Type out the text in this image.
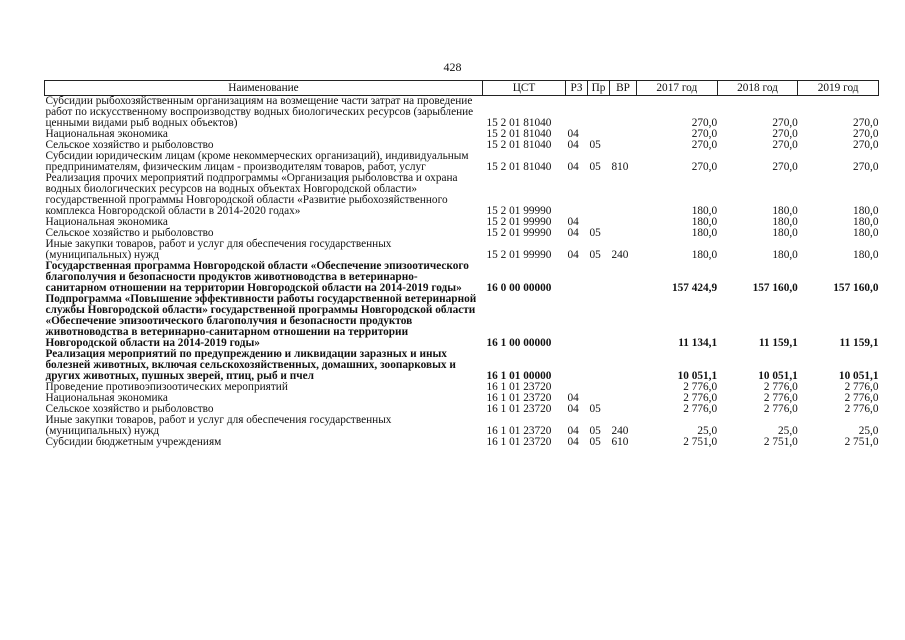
428
Наименование	ЦСТ	РЗ	Пр	ВР	2017 год	2018 год	2019 год
Субсидии рыбохозяйственным организациям на возмещение части затрат на проведение работ по искусственному воспроизводству водных биологических ресурсов (зарыбление ценными видами рыб водных объектов)	15 2 01 81040				270,0	270,0	270,0
Национальная экономика	15 2 01 81040	04			270,0	270,0	270,0
Сельское хозяйство и рыболовство	15 2 01 81040	04	05		270,0	270,0	270,0
Субсидии юридическим лицам (кроме некоммерческих организаций), индивидуальным предпринимателям, физическим лицам - производителям товаров, работ, услуг	15 2 01 81040	04	05	810	270,0	270,0	270,0
Реализация прочих мероприятий подпрограммы «Организация рыболовства и охрана водных биологических ресурсов на водных объектах Новгородской области» государственной программы Новгородской области «Развитие рыбохозяйственного комплекса Новгородской области в 2014-2020 годах»	15 2 01 99990				180,0	180,0	180,0
Национальная экономика	15 2 01 99990	04			180,0	180,0	180,0
Сельское хозяйство и рыболовство	15 2 01 99990	04	05		180,0	180,0	180,0
Иные закупки товаров, работ и услуг для обеспечения государственных (муниципальных) нужд	15 2 01 99990	04	05	240	180,0	180,0	180,0
Государственная программа Новгородской области «Обеспечение эпизоотического благополучия и безопасности продуктов животноводства в ветеринарно-санитарном отношении на территории Новгородской области на 2014-2019 годы»	16 0 00 00000				157 424,9	157 160,0	157 160,0
Подпрограмма «Повышение эффективности работы государственной ветеринарной службы Новгородской области» государственной программы Новгородской области «Обеспечение эпизоотического благополучия и безопасности продуктов животноводства в ветеринарно-санитарном отношении на территории Новгородской области на 2014-2019 годы»	16 1 00 00000				11 134,1	11 159,1	11 159,1
Реализация мероприятий по предупреждению и ликвидации заразных и иных болезней животных, включая сельскохозяйственных, домашних, зоопарковых и других животных, пушных зверей, птиц, рыб и пчел	16 1 01 00000				10 051,1	10 051,1	10 051,1
Проведение противоэпизоотических мероприятий	16 1 01 23720				2 776,0	2 776,0	2 776,0
Национальная экономика	16 1 01 23720	04			2 776,0	2 776,0	2 776,0
Сельское хозяйство и рыболовство	16 1 01 23720	04	05		2 776,0	2 776,0	2 776,0
Иные закупки товаров, работ и услуг для обеспечения государственных (муниципальных) нужд	16 1 01 23720	04	05	240	25,0	25,0	25,0
Субсидии бюджетным учреждениям	16 1 01 23720	04	05	610	2 751,0	2 751,0	2 751,0
